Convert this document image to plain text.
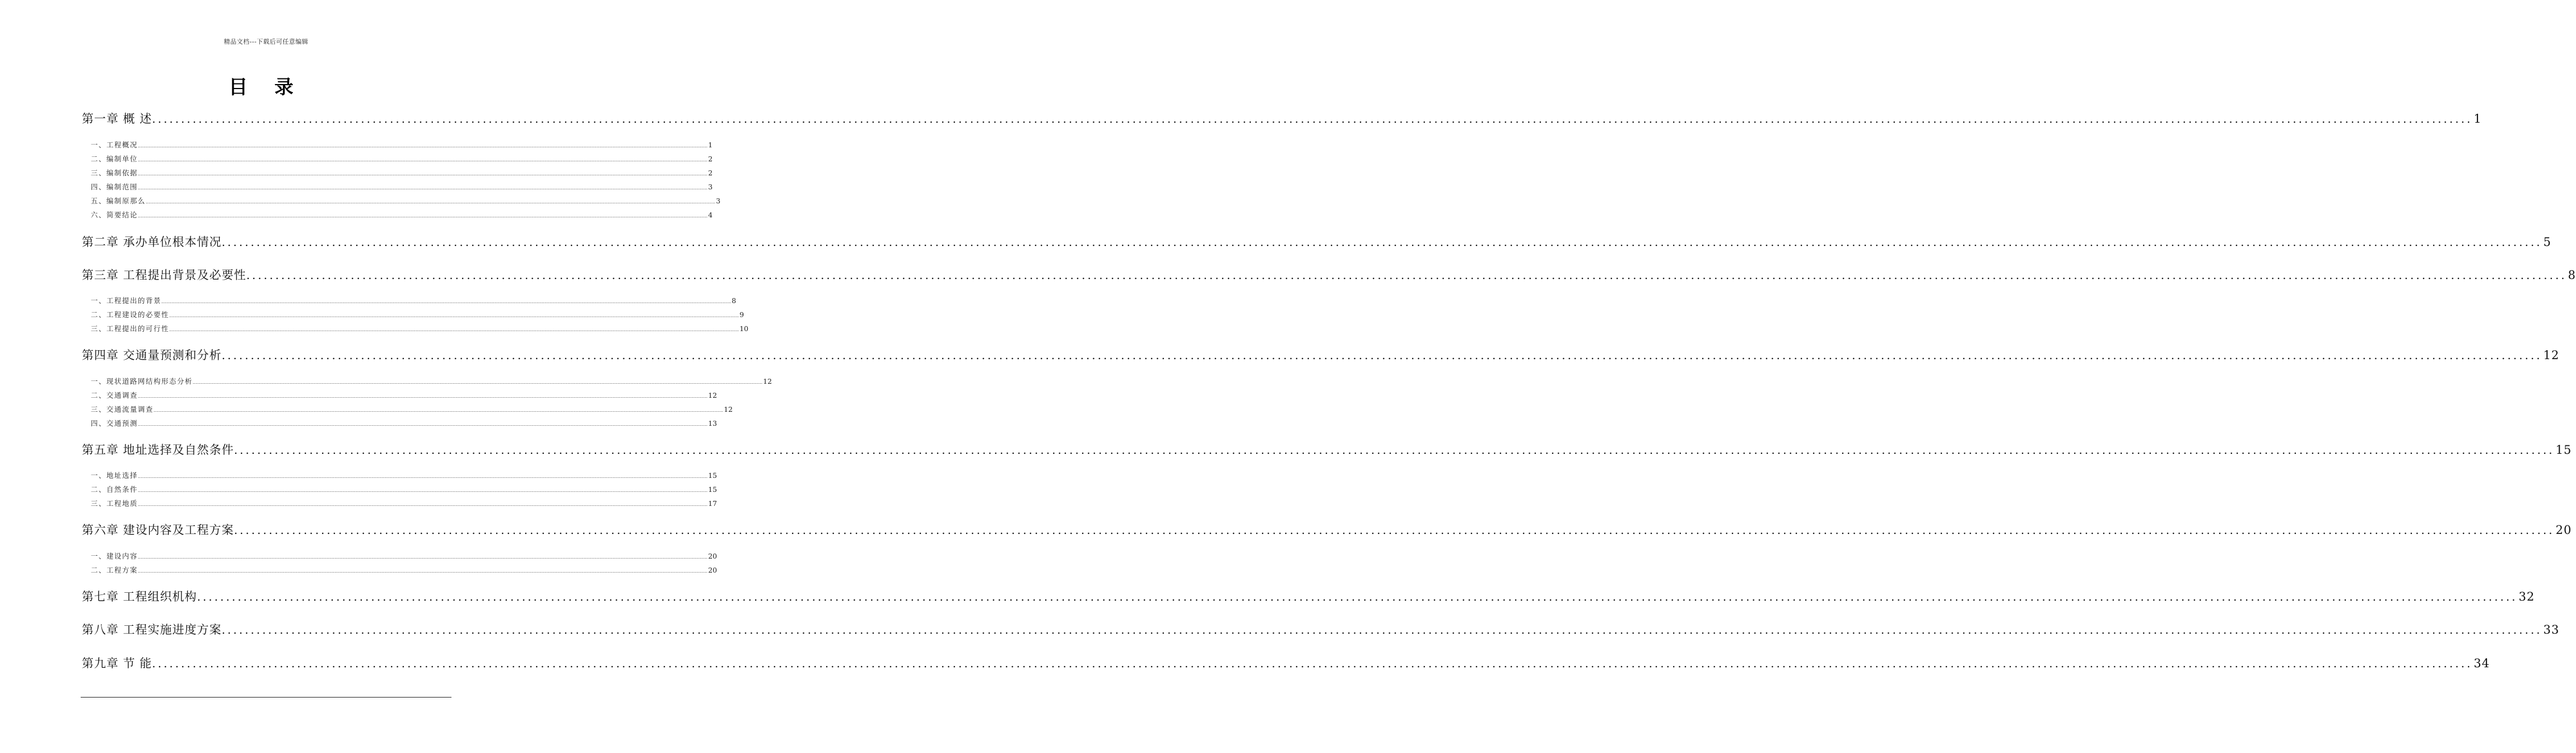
精品文档---下载后可任意编辑
目 录
第一章 概 述 ................................................................................................................................................................................................................................................................................................................................................................................................................ 1
一、工程概况 ................................................................................................................................................................................................................................................................................................................................................................................................................ 1
二、编制单位 ................................................................................................................................................................................................................................................................................................................................................................................................................ 2
三、编制依据 ................................................................................................................................................................................................................................................................................................................................................................................................................ 2
四、编制范围 ................................................................................................................................................................................................................................................................................................................................................................................................................ 3
五、编制原那么 ................................................................................................................................................................................................................................................................................................................................................................................................................ 3
六、简要结论 ................................................................................................................................................................................................................................................................................................................................................................................................................ 4
第二章 承办单位根本情况 ................................................................................................................................................................................................................................................................................................................................................................................................................ 5
第三章 工程提出背景及必要性 ................................................................................................................................................................................................................................................................................................................................................................................................................ 8
一、工程提出的背景 ................................................................................................................................................................................................................................................................................................................................................................................................................ 8
二、工程建设的必要性 ................................................................................................................................................................................................................................................................................................................................................................................................................ 9
三、工程提出的可行性 ................................................................................................................................................................................................................................................................................................................................................................................................................ 10
第四章 交通量预测和分析 ................................................................................................................................................................................................................................................................................................................................................................................................................ 12
一、现状道路网结构形态分析 ................................................................................................................................................................................................................................................................................................................................................................................................................ 12
二、交通调查 ................................................................................................................................................................................................................................................................................................................................................................................................................ 12
三、交通流量调查 ................................................................................................................................................................................................................................................................................................................................................................................................................ 12
四、交通预测 ................................................................................................................................................................................................................................................................................................................................................................................................................ 13
第五章 地址选择及自然条件 ................................................................................................................................................................................................................................................................................................................................................................................................................ 15
一、地址选择 ................................................................................................................................................................................................................................................................................................................................................................................................................ 15
二、自然条件 ................................................................................................................................................................................................................................................................................................................................................................................................................ 15
三、工程地质 ................................................................................................................................................................................................................................................................................................................................................................................................................ 17
第六章 建设内容及工程方案 ................................................................................................................................................................................................................................................................................................................................................................................................................ 20
一、建设内容 ................................................................................................................................................................................................................................................................................................................................................................................................................ 20
二、工程方案 ................................................................................................................................................................................................................................................................................................................................................................................................................ 20
第七章 工程组织机构 ................................................................................................................................................................................................................................................................................................................................................................................................................ 32
第八章 工程实施进度方案 ................................................................................................................................................................................................................................................................................................................................................................................................................ 33
第九章 节 能 ................................................................................................................................................................................................................................................................................................................................................................................................................ 34
